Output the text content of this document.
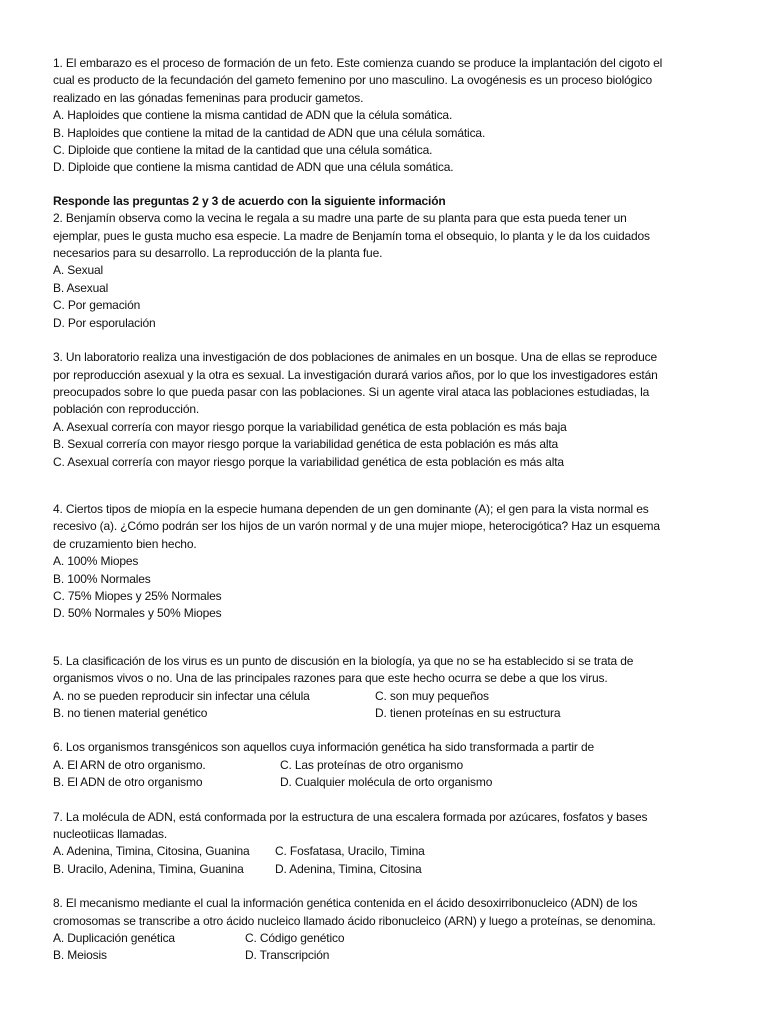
1. El embarazo es el proceso de formación de un feto. Este comienza cuando se produce la implantación del cigoto el
cual es producto de la fecundación del gameto femenino por uno masculino. La ovogénesis es un proceso biológico
realizado en las gónadas femeninas para producir gametos.
A. Haploides que contiene la misma cantidad de ADN que la célula somática.
B. Haploides que contiene la mitad de la cantidad de ADN que una célula somática.
C. Diploide que contiene la mitad de la cantidad que una célula somática.
D. Diploide que contiene la misma cantidad de ADN que una célula somática.
Responde las preguntas 2 y 3 de acuerdo con la siguiente información
2. Benjamín observa como la vecina le regala a su madre una parte de su planta para que esta pueda tener un
ejemplar, pues le gusta mucho esa especie. La madre de Benjamín toma el obsequio, lo planta y le da los cuidados
necesarios para su desarrollo. La reproducción de la planta fue.
A. Sexual
B. Asexual
C. Por gemación
D. Por esporulación
3. Un laboratorio realiza una investigación de dos poblaciones de animales en un bosque. Una de ellas se reproduce
por reproducción asexual y la otra es sexual. La investigación durará varios años, por lo que los investigadores están
preocupados sobre lo que pueda pasar con las poblaciones. Si un agente viral ataca las poblaciones estudiadas, la
población con reproducción.
A. Asexual correría con mayor riesgo porque la variabilidad genética de esta población es más baja
B. Sexual correría con mayor riesgo porque la variabilidad genética de esta población es más alta
C. Asexual correría con mayor riesgo porque la variabilidad genética de esta población es más alta
4. Ciertos tipos de miopía en la especie humana dependen de un gen dominante (A); el gen para la vista normal es
recesivo (a). ¿Cómo podrán ser los hijos de un varón normal y de una mujer miope, heterocigótica? Haz un esquema
de cruzamiento bien hecho.
A. 100% Miopes
B. 100% Normales
C. 75% Miopes y 25% Normales
D. 50% Normales y 50% Miopes
5. La clasificación de los virus es un punto de discusión en la biología, ya que no se ha establecido si se trata de
organismos vivos o no. Una de las principales razones para que este hecho ocurra se debe a que los virus.
A. no se pueden reproducir sin infectar una célula	C. son muy pequeños
B. no tienen material genético	D. tienen proteínas en su estructura
6. Los organismos transgénicos son aquellos cuya información genética ha sido transformada a partir de
A. El ARN de otro organismo.	C. Las proteínas de otro organismo
B. El ADN de otro organismo	D. Cualquier molécula de orto organismo
7. La molécula de ADN, está conformada por la estructura de una escalera formada por azúcares, fosfatos y bases
nucleotiicas llamadas.
A. Adenina, Timina, Citosina, Guanina	C. Fosfatasa, Uracilo, Timina
B. Uracilo, Adenina, Timina, Guanina	D. Adenina, Timina, Citosina
8. El mecanismo mediante el cual la información genética contenida en el ácido desoxirribonucleico (ADN) de los
cromosomas se transcribe a otro ácido nucleico llamado ácido ribonucleico (ARN) y luego a proteínas, se denomina.
A. Duplicación genética	C. Código genético
B. Meiosis	D. Transcripción
